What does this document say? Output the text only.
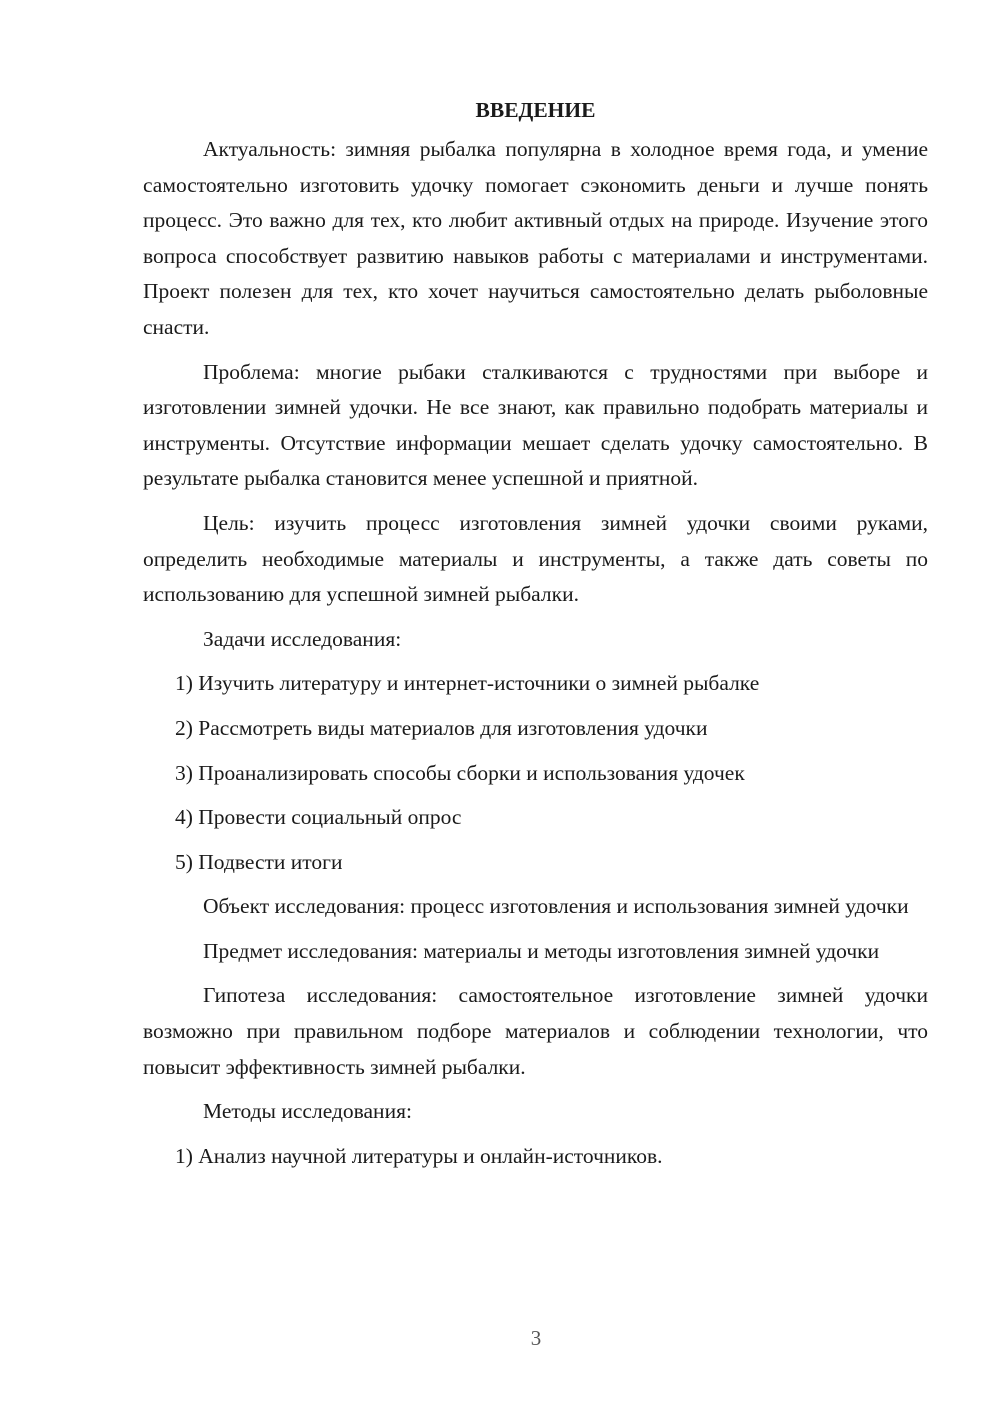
ВВЕДЕНИЕ

Актуальность: зимняя рыбалка популярна в холодное время года, и умение самостоятельно изготовить удочку помогает сэкономить деньги и лучше понять процесс. Это важно для тех, кто любит активный отдых на природе. Изучение этого вопроса способствует развитию навыков работы с материалами и инструментами. Проект полезен для тех, кто хочет научиться самостоятельно делать рыболовные снасти.

Проблема: многие рыбаки сталкиваются с трудностями при выборе и изготовлении зимней удочки. Не все знают, как правильно подобрать материалы и инструменты. Отсутствие информации мешает сделать удочку самостоятельно. В результате рыбалка становится менее успешной и приятной.

Цель: изучить процесс изготовления зимней удочки своими руками, определить необходимые материалы и инструменты, а также дать советы по использованию для успешной зимней рыбалки.

Задачи исследования:

1) Изучить литературу и интернет-источники о зимней рыбалке

2) Рассмотреть виды материалов для изготовления удочки

3) Проанализировать способы сборки и использования удочек

4) Провести социальный опрос

5) Подвести итоги

Объект исследования: процесс изготовления и использования зимней удочки

Предмет исследования: материалы и методы изготовления зимней удочки

Гипотеза исследования: самостоятельное изготовление зимней удочки возможно при правильном подборе материалов и соблюдении технологии, что повысит эффективность зимней рыбалки.

Методы исследования:

1) Анализ научной литературы и онлайн-источников.

3
